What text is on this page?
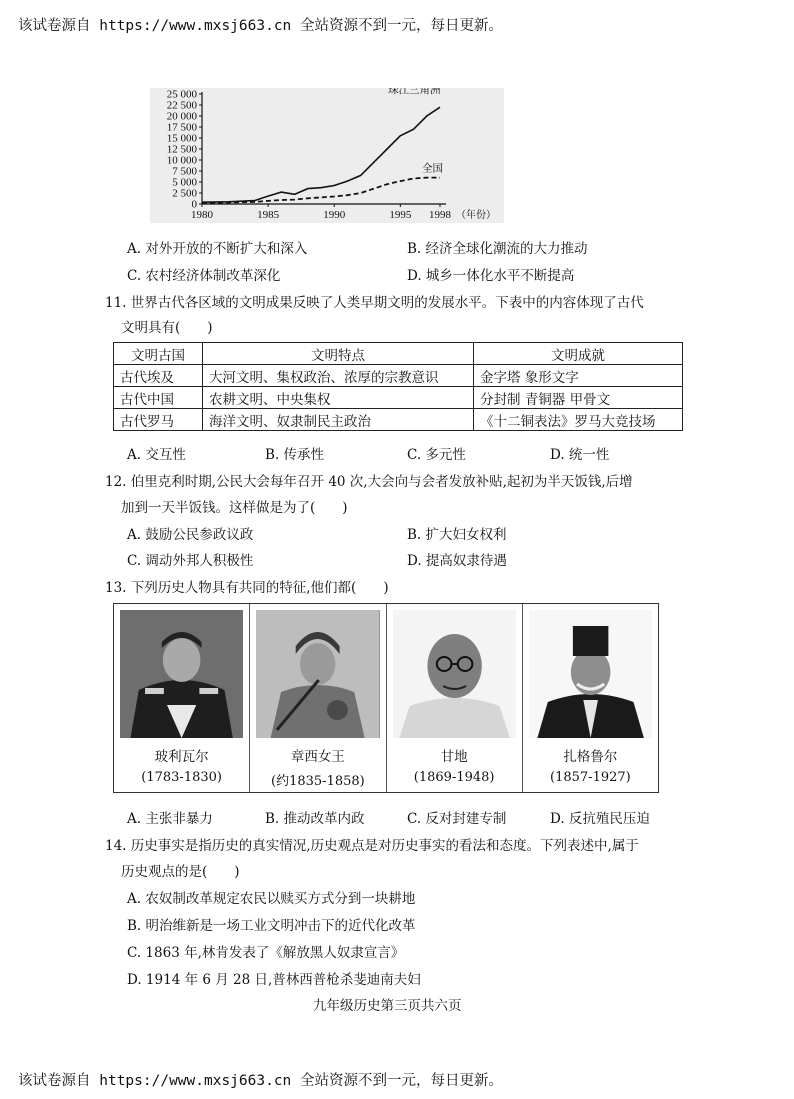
该试卷源自 https://www.mxsj663.cn 全站资源不到一元，每日更新。
25 000
22 500
20 000
17 500
15 000
12 500
10 000
7 500
5 000
2 500
0
1980	1985	1990	1995 1998 （年份）
珠江三角洲
全国
A. 对外开放的不断扩大和深入	B. 经济全球化潮流的大力推动
C. 农村经济体制改革深化	D. 城乡一体化水平不断提高
11. 世界古代各区域的文明成果反映了人类早期文明的发展水平。下表中的内容体现了古代
文明具有(　　)
文明古国	文明特点	文明成就
古代埃及	大河文明、集权政治、浓厚的宗教意识	金字塔 象形文字
古代中国	农耕文明、中央集权	分封制 青铜器 甲骨文
古代罗马	海洋文明、奴隶制民主政治	《十二铜表法》罗马大竞技场
A. 交互性	B. 传承性	C. 多元性	D. 统一性
12. 伯里克利时期,公民大会每年召开 40 次,大会向与会者发放补贴,起初为半天饭钱,后增
加到一天半饭钱。这样做是为了(　　)
A. 鼓励公民参政议政	B. 扩大妇女权利
C. 调动外邦人积极性	D. 提高奴隶待遇
13. 下列历史人物具有共同的特征,他们都(　　)
玻利瓦尔
(1783-1830)
章西女王
(约1835-1858)
甘地
(1869-1948)
扎格鲁尔
(1857-1927)
A. 主张非暴力	B. 推动改革内政	C. 反对封建专制	D. 反抗殖民压迫
14. 历史事实是指历史的真实情况,历史观点是对历史事实的看法和态度。下列表述中,属于
历史观点的是(　　)
A. 农奴制改革规定农民以赎买方式分到一块耕地
B. 明治维新是一场工业文明冲击下的近代化改革
C. 1863 年,林肯发表了《解放黑人奴隶宣言》
D. 1914 年 6 月 28 日,普林西普枪杀斐迪南夫妇
九年级历史第三页共六页
该试卷源自 https://www.mxsj663.cn 全站资源不到一元，每日更新。
